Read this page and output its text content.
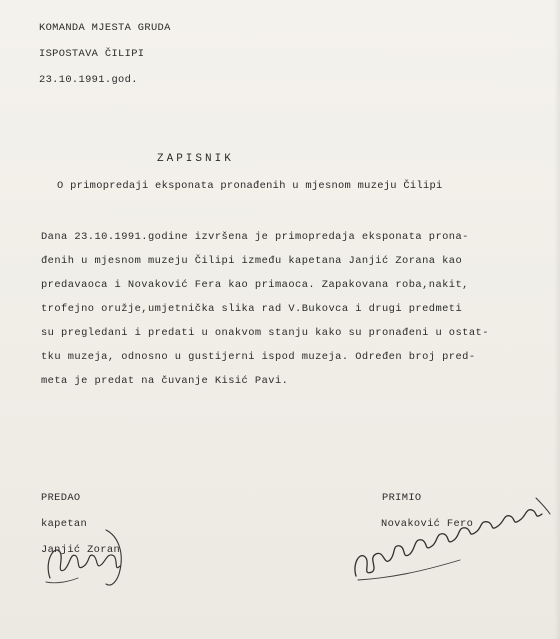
KOMANDA MJESTA GRUDA
ISPOSTAVA ČILIPI
23.10.1991.god.
ZAPISNIK
O primopredaji eksponata pronađenih u mjesnom muzeju Čilipi
Dana 23.10.1991.godine izvršena je primopredaja eksponata prona-
đenih u mjesnom muzeju Čilipi između kapetana Janjić Zorana kao
predavaoca i Novaković Fera kao primaoca. Zapakovana roba,nakit,
trofejno oružje,umjetnička slika rad V.Bukovca i drugi predmeti
su pregledani i predati u onakvom stanju kako su pronađeni u ostat-
tku muzeja, odnosno u gustijerni ispod muzeja. Određen broj pred-
meta je predat na čuvanje Kisić Pavi.
PREDAO
kapetan
Janjić Zoran
PRIMIO
Novaković Fero
